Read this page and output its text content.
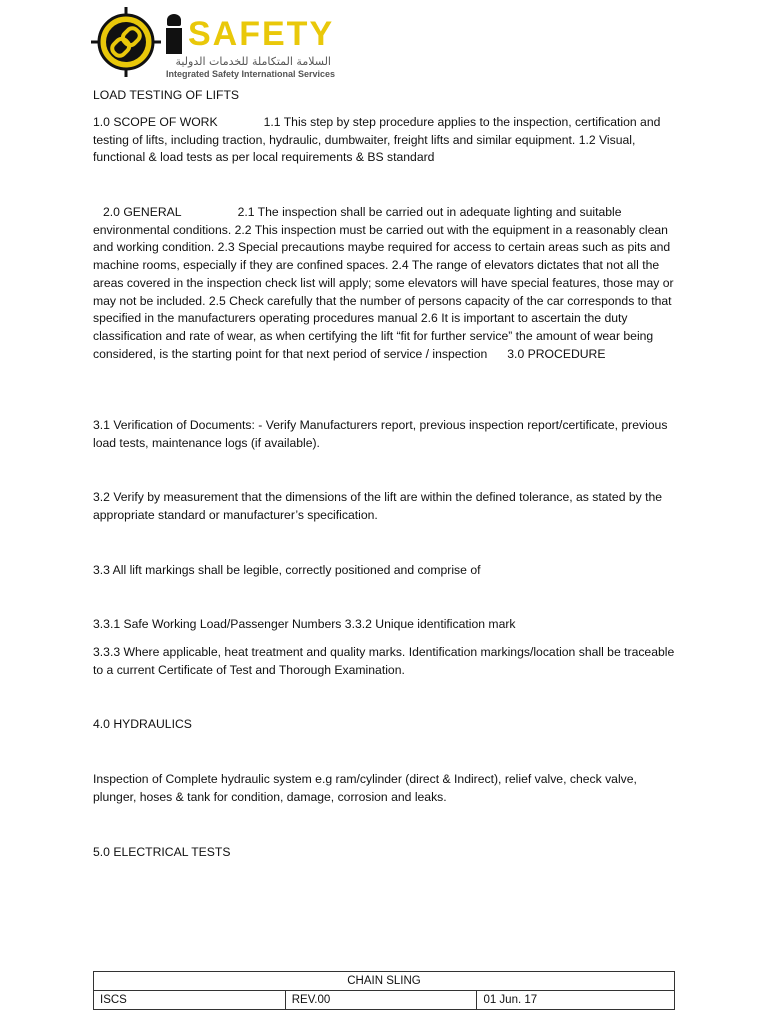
SAFETY
السلامة المتكاملة للخدمات الدولية
Integrated Safety International Services

LOAD TESTING OF LIFTS

1.0 SCOPE OF WORK	1.1 This step by step procedure applies to the inspection, certification and testing of lifts, including traction, hydraulic, dumbwaiter, freight lifts and similar equipment. 1.2 Visual, functional & load tests as per local requirements & BS standard

2.0 GENERAL	2.1 The inspection shall be carried out in adequate lighting and suitable environmental conditions. 2.2 This inspection must be carried out with the equipment in a reasonably clean and working condition. 2.3 Special precautions maybe required for access to certain areas such as pits and machine rooms, especially if they are confined spaces. 2.4 The range of elevators dictates that not all the areas covered in the inspection check list will apply; some elevators will have special features, those may or may not be included. 2.5 Check carefully that the number of persons capacity of the car corresponds to that specified in the manufacturers operating procedures manual 2.6 It is important to ascertain the duty classification and rate of wear, as when certifying the lift “fit for further service” the amount of wear being considered, is the starting point for that next period of service / inspection 3.0 PROCEDURE

3.1 Verification of Documents: - Verify Manufacturers report, previous inspection report/certificate, previous load tests, maintenance logs (if available).

3.2 Verify by measurement that the dimensions of the lift are within the defined tolerance, as stated by the appropriate standard or manufacturer’s specification.

3.3 All lift markings shall be legible, correctly positioned and comprise of

3.3.1 Safe Working Load/Passenger Numbers 3.3.2 Unique identification mark

3.3.3 Where applicable, heat treatment and quality marks. Identification markings/location shall be traceable to a current Certificate of Test and Thorough Examination.

4.0 HYDRAULICS

Inspection of Complete hydraulic system e.g ram/cylinder (direct & Indirect), relief valve, check valve, plunger, hoses & tank for condition, damage, corrosion and leaks.

5.0 ELECTRICAL TESTS

CHAIN SLING
ISCS	REV.00	01 Jun. 17
